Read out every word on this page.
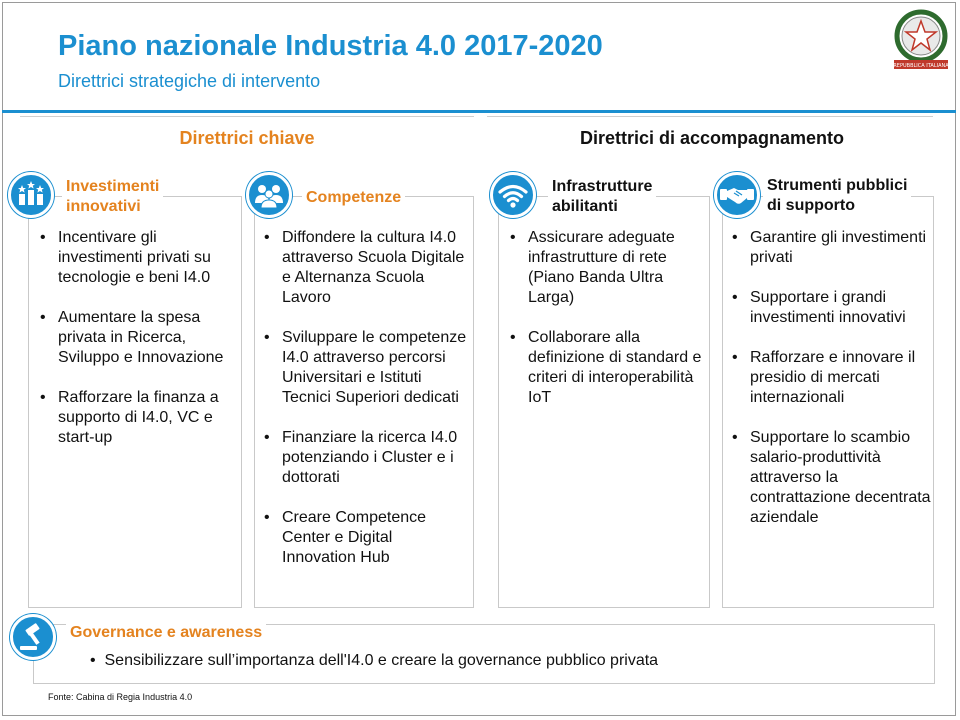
Piano nazionale Industria 4.0 2017-2020
Direttrici strategiche di intervento
REPUBBLICA ITALIANA
Direttrici chiave	Direttrici di accompagnamento
Investimenti
innovativi
• Incentivare gli investimenti privati su tecnologie e beni I4.0
• Aumentare la spesa privata in Ricerca, Sviluppo e Innovazione
• Rafforzare la finanza a supporto di I4.0, VC e start-up
Competenze
• Diffondere la cultura I4.0 attraverso Scuola Digitale e Alternanza Scuola Lavoro
• Sviluppare le competenze I4.0 attraverso percorsi Universitari e Istituti Tecnici Superiori dedicati
• Finanziare la ricerca I4.0 potenziando i Cluster e i dottorati
• Creare Competence Center e Digital Innovation Hub
Infrastrutture
abilitanti
• Assicurare adeguate infrastrutture di rete (Piano Banda Ultra Larga)
• Collaborare alla definizione di standard e criteri di interoperabilità IoT
Strumenti pubblici
di supporto
• Garantire gli investimenti privati
• Supportare i grandi investimenti innovativi
• Rafforzare e innovare il presidio di mercati internazionali
• Supportare lo scambio salario-produttività attraverso la contrattazione decentrata aziendale
Governance e awareness
•  Sensibilizzare sull’importanza dell'I4.0 e creare la governance pubblico privata
Fonte: Cabina di Regia Industria 4.0
